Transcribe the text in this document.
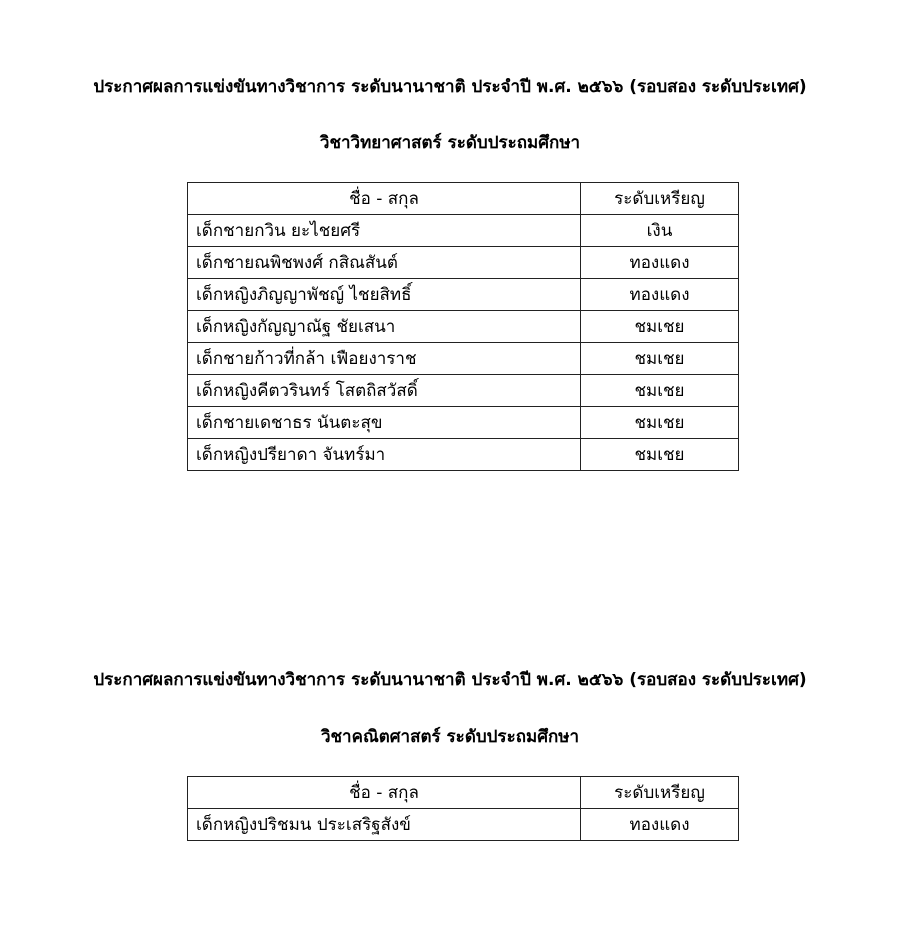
ประกาศผลการแข่งขันทางวิชาการ ระดับนานาชาติ ประจำปี พ.ศ. ๒๕๖๖ (รอบสอง ระดับประเทศ)
วิชาวิทยาศาสตร์ ระดับประถมศึกษา
ชื่อ - สกุล	ระดับเหรียญ
เด็กชายกวิน ยะไชยศรี	เงิน
เด็กชายณพิชพงศ์ กสิณสันต์	ทองแดง
เด็กหญิงภิญญาพัชญ์ ไชยสิทธิ์	ทองแดง
เด็กหญิงกัญญาณัฐ ชัยเสนา	ชมเชย
เด็กชายก้าวที่กล้า เฟือยงาราช	ชมเชย
เด็กหญิงคีตวรินทร์ โสตถิสวัสดิ์	ชมเชย
เด็กชายเดชาธร นันตะสุข	ชมเชย
เด็กหญิงปรียาดา จันทร์มา	ชมเชย
ประกาศผลการแข่งขันทางวิชาการ ระดับนานาชาติ ประจำปี พ.ศ. ๒๕๖๖ (รอบสอง ระดับประเทศ)
วิชาคณิตศาสตร์ ระดับประถมศึกษา
ชื่อ - สกุล	ระดับเหรียญ
เด็กหญิงปริชมน ประเสริฐสังข์	ทองแดง
